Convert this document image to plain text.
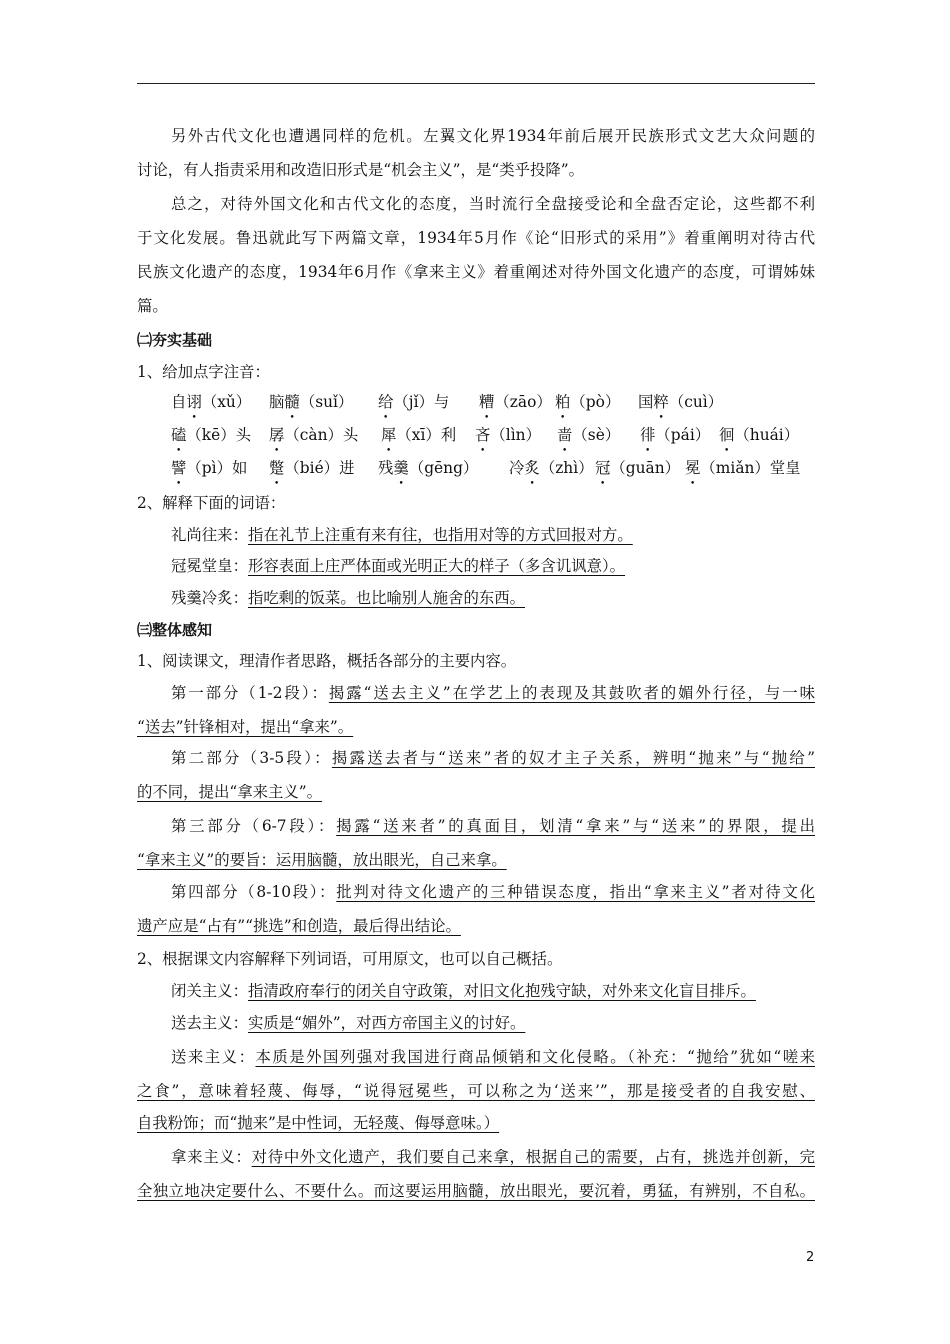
另外古代文化也遭遇同样的危机。左翼文化界1934年前后展开民族形式文艺大众问题的
讨论，有人指责采用和改造旧形式是“机会主义”，是“类乎投降”。
总之，对待外国文化和古代文化的态度，当时流行全盘接受论和全盘否定论，这些都不利
于文化发展。鲁迅就此写下两篇文章，1934年5月作《论“旧形式的采用”》着重阐明对待古代
民族文化遗产的态度，1934年6月作《拿来主义》着重阐述对待外国文化遗产的态度，可谓姊妹
篇。
㈡夯实基础
1、给加点字注音：
自诩（xǔ） 脑髓（suǐ） 给（jǐ）与 糟（zāo） 粕（pò） 国粹（cuì）
磕（kē）头 孱（càn）头 犀（xī）利 吝（lìn） 啬（sè） 徘（pái） 徊（huái）
譬（pì）如 蹩（bié）进 残羹（gēng） 冷炙（zhì） 冠（guān） 冕（miǎn）堂皇
2、解释下面的词语：
礼尚往来：指在礼节上注重有来有往，也指用对等的方式回报对方。
冠冕堂皇：形容表面上庄严体面或光明正大的样子（多含讥讽意）。
残羹冷炙：指吃剩的饭菜。也比喻别人施舍的东西。
㈢整体感知
1、阅读课文，理清作者思路，概括各部分的主要内容。
第一部分（1-2段）：揭露“送去主义”在学艺上的表现及其鼓吹者的媚外行径，与一味
“送去”针锋相对，提出“拿来”。
第二部分（3-5段）：揭露送去者与“送来”者的奴才主子关系，辨明“抛来”与“抛给”
的不同，提出“拿来主义”。
第三部分（6-7段）：揭露“送来者”的真面目，划清“拿来”与“送来”的界限，提出
“拿来主义”的要旨：运用脑髓，放出眼光，自己来拿。
第四部分（8-10段）：批判对待文化遗产的三种错误态度，指出“拿来主义”者对待文化
遗产应是“占有”“挑选”和创造，最后得出结论。
2、根据课文内容解释下列词语，可用原文，也可以自己概括。
闭关主义：指清政府奉行的闭关自守政策，对旧文化抱残守缺，对外来文化盲目排斥。
送去主义：实质是“媚外”，对西方帝国主义的讨好。
送来主义：本质是外国列强对我国进行商品倾销和文化侵略。（补充：“抛给”犹如“嗟来
之食”，意味着轻蔑、侮辱，“说得冠冕些，可以称之为‘送来’”，那是接受者的自我安慰、
自我粉饰；而“抛来”是中性词，无轻蔑、侮辱意味。）
拿来主义：对待中外文化遗产，我们要自己来拿，根据自己的需要，占有，挑选并创新，完
全独立地决定要什么、不要什么。而这要运用脑髓，放出眼光，要沉着，勇猛，有辨别，不自私。
2
